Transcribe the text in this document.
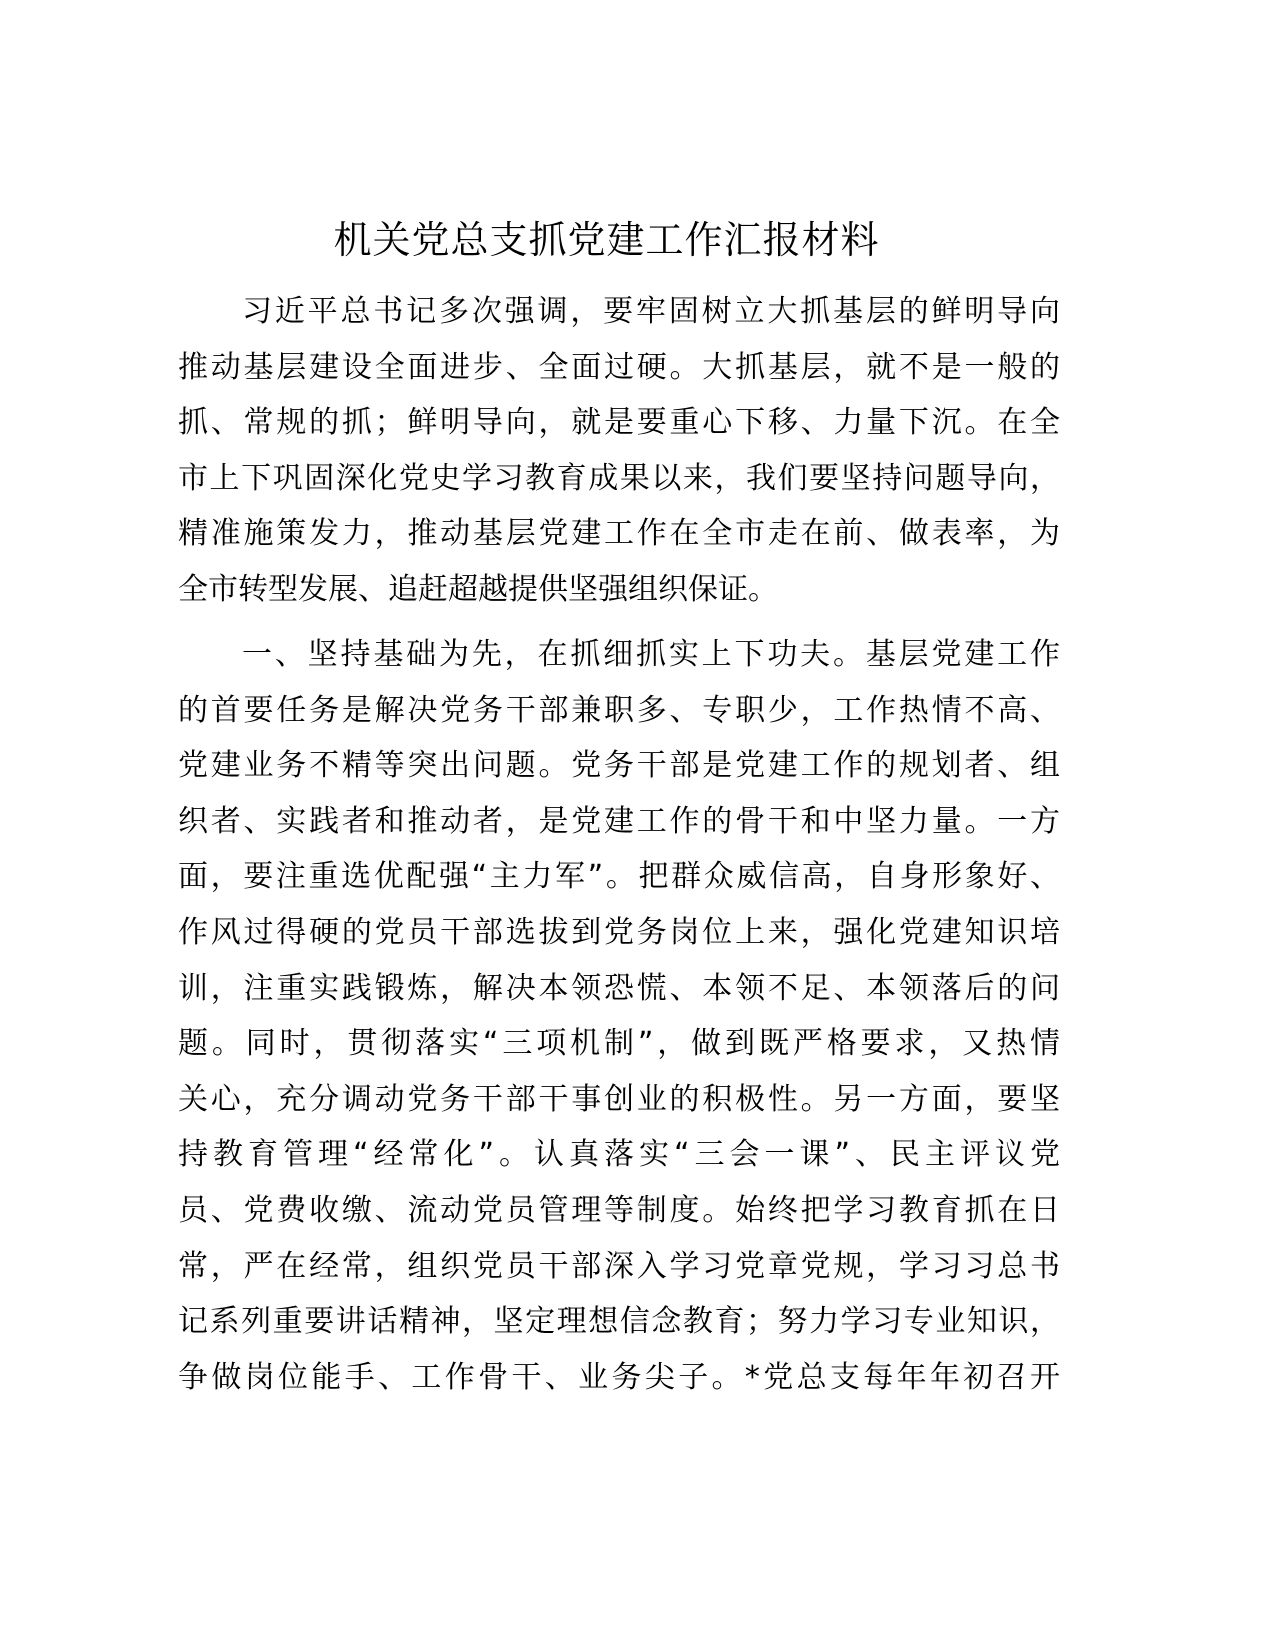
机关党总支抓党建工作汇报材料
习近平总书记多次强调，要牢固树立大抓基层的鲜明导向
推动基层建设全面进步、全面过硬。大抓基层，就不是一般的
抓、常规的抓；鲜明导向，就是要重心下移、力量下沉。在全
市上下巩固深化党史学习教育成果以来，我们要坚持问题导向，
精准施策发力，推动基层党建工作在全市走在前、做表率，为
全市转型发展、追赶超越提供坚强组织保证。
一、坚持基础为先，在抓细抓实上下功夫。基层党建工作
的首要任务是解决党务干部兼职多、专职少，工作热情不高、
党建业务不精等突出问题。党务干部是党建工作的规划者、组
织者、实践者和推动者，是党建工作的骨干和中坚力量。一方
面，要注重选优配强“主力军”。把群众威信高，自身形象好、
作风过得硬的党员干部选拔到党务岗位上来，强化党建知识培
训，注重实践锻炼，解决本领恐慌、本领不足、本领落后的问
题。同时，贯彻落实“三项机制”，做到既严格要求，又热情
关心，充分调动党务干部干事创业的积极性。另一方面，要坚
持教育管理“经常化”。认真落实“三会一课”、民主评议党
员、党费收缴、流动党员管理等制度。始终把学习教育抓在日
常，严在经常，组织党员干部深入学习党章党规，学习习总书
记系列重要讲话精神，坚定理想信念教育；努力学习专业知识，
争做岗位能手、工作骨干、业务尖子。*党总支每年年初召开
